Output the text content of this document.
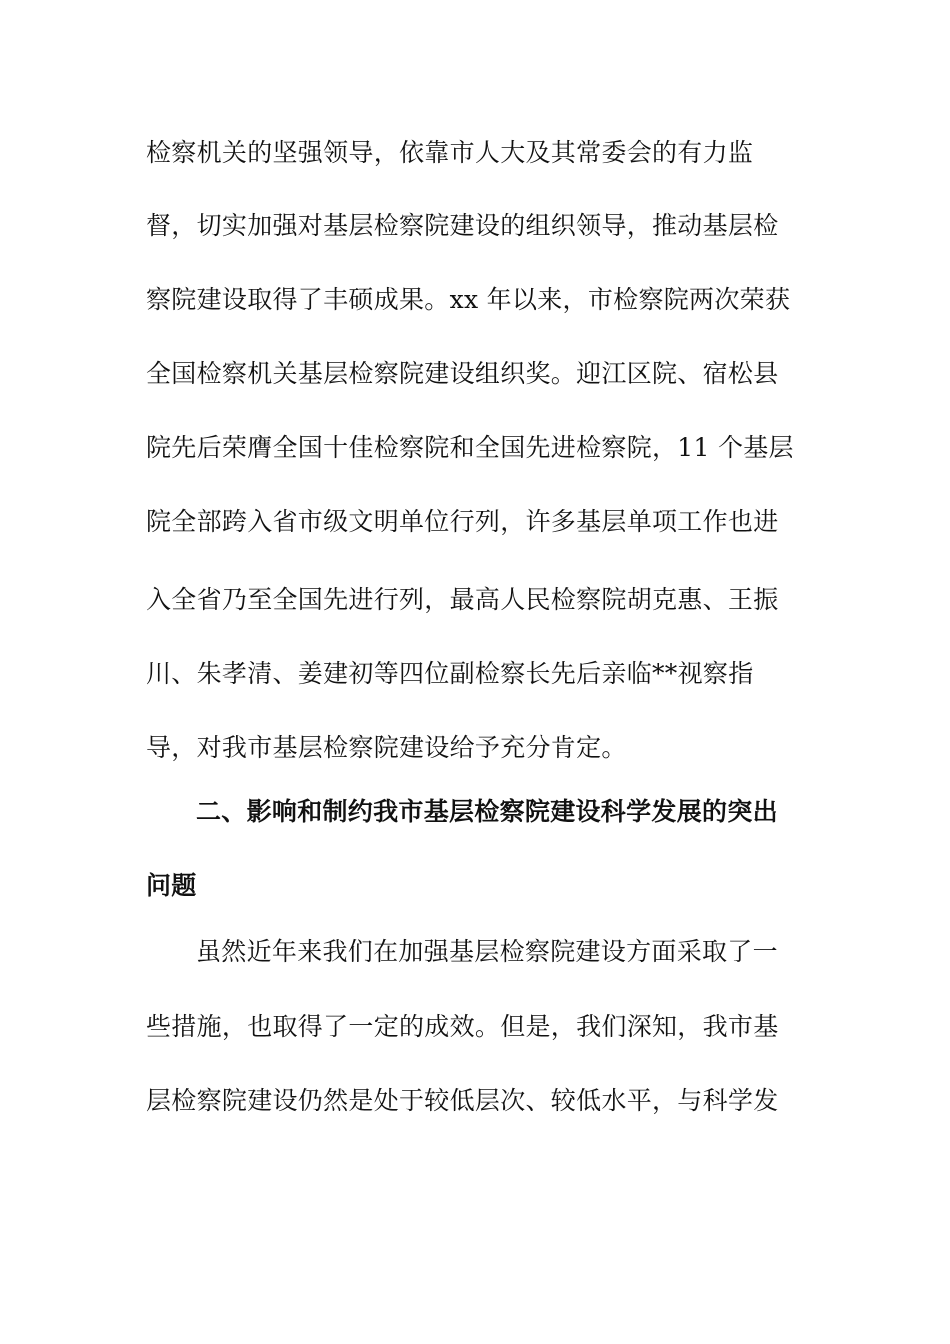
检察机关的坚强领导，依靠市人大及其常委会的有力监
督，切实加强对基层检察院建设的组织领导，推动基层检
察院建设取得了丰硕成果。xx 年以来，市检察院两次荣获
全国检察机关基层检察院建设组织奖。迎江区院、宿松县
院先后荣膺全国十佳检察院和全国先进检察院，11 个基层
院全部跨入省市级文明单位行列，许多基层单项工作也进
入全省乃至全国先进行列，最高人民检察院胡克惠、王振
川、朱孝清、姜建初等四位副检察长先后亲临**视察指
导，对我市基层检察院建设给予充分肯定。
二、影响和制约我市基层检察院建设科学发展的突出
问题
虽然近年来我们在加强基层检察院建设方面采取了一
些措施，也取得了一定的成效。但是，我们深知，我市基
层检察院建设仍然是处于较低层次、较低水平，与科学发
